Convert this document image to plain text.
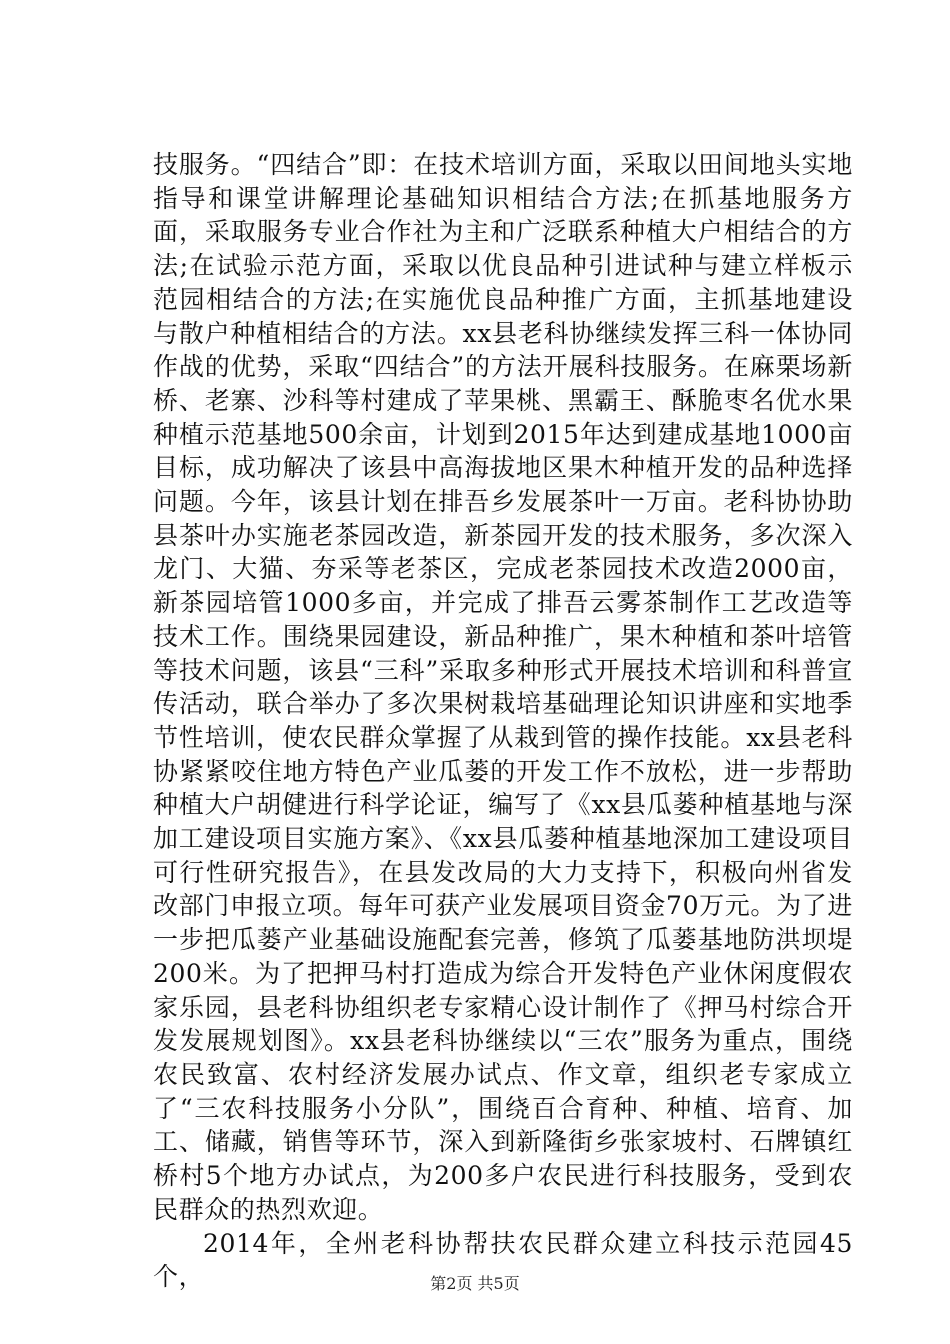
技服务。“四结合”即：在技术培训方面，采取以田间地头实地指导和课堂讲解理论基础知识相结合方法;在抓基地服务方面，采取服务专业合作社为主和广泛联系种植大户相结合的方法;在试验示范方面，采取以优良品种引进试种与建立样板示范园相结合的方法;在实施优良品种推广方面，主抓基地建设与散户种植相结合的方法。xx县老科协继续发挥三科一体协同作战的优势，采取“四结合”的方法开展科技服务。在麻栗场新桥、老寨、沙科等村建成了苹果桃、黑霸王、酥脆枣名优水果种植示范基地500余亩，计划到2015年达到建成基地1000亩目标，成功解决了该县中高海拔地区果木种植开发的品种选择问题。今年，该县计划在排吾乡发展茶叶一万亩。老科协协助县茶叶办实施老茶园改造，新茶园开发的技术服务，多次深入龙门、大猫、夯采等老茶区，完成老茶园技术改造2000亩，新茶园培管1000多亩，并完成了排吾云雾茶制作工艺改造等技术工作。围绕果园建设，新品种推广，果木种植和茶叶培管等技术问题，该县“三科”采取多种形式开展技术培训和科普宣传活动，联合举办了多次果树栽培基础理论知识讲座和实地季节性培训，使农民群众掌握了从栽到管的操作技能。xx县老科协紧紧咬住地方特色产业瓜蒌的开发工作不放松，进一步帮助种植大户胡健进行科学论证，编写了《xx县瓜蒌种植基地与深加工建设项目实施方案》、《xx县瓜蒌种植基地深加工建设项目可行性研究报告》，在县发改局的大力支持下，积极向州省发改部门申报立项。每年可获产业发展项目资金70万元。为了进一步把瓜蒌产业基础设施配套完善，修筑了瓜蒌基地防洪坝堤200米。为了把押马村打造成为综合开发特色产业休闲度假农家乐园，县老科协组织老专家精心设计制作了《押马村综合开发发展规划图》。xx县老科协继续以“三农”服务为重点，围绕农民致富、农村经济发展办试点、作文章，组织老专家成立了“三农科技服务小分队”，围绕百合育种、种植、培育、加工、储藏，销售等环节，深入到新隆街乡张家坡村、石牌镇红桥村5个地方办试点，为200多户农民进行科技服务，受到农民群众的热烈欢迎。

2014年，全州老科协帮扶农民群众建立科技示范园45个，	第2页 共5页
